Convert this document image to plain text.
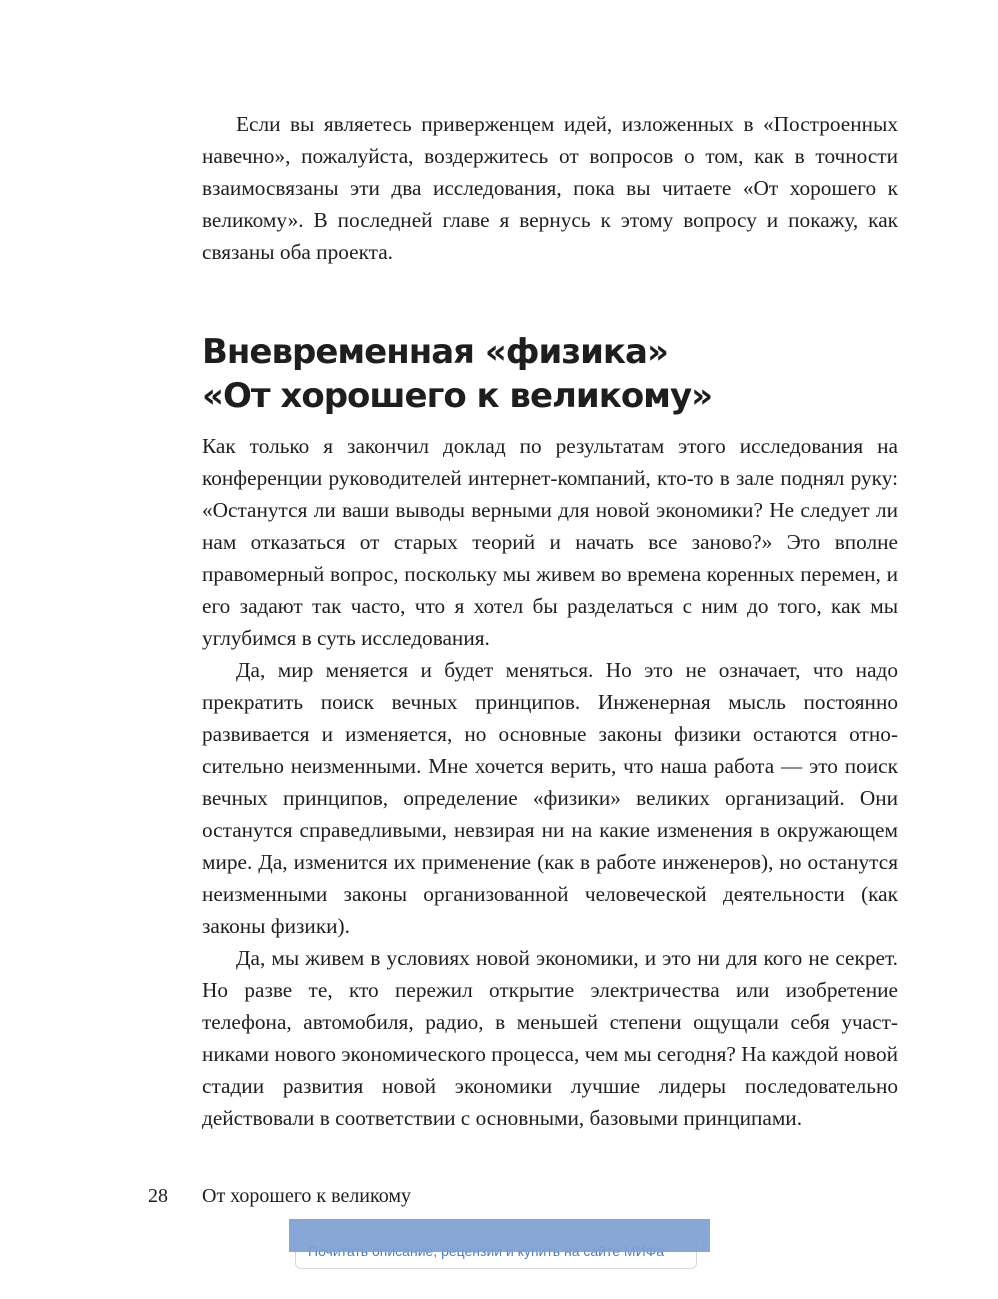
Если вы являетесь приверженцем идей, изложенных в «Построенных навечно», пожалуйста, воздержитесь от вопросов о том, как в точности взаимосвязаны эти два исследования, пока вы читаете «От хорошего к великому». В последней главе я вернусь к этому вопросу и покажу, как связаны оба проекта.

Вневременная «физика»
«От хорошего к великому»

Как только я закончил доклад по результатам этого исследования на конференции руководителей интернет-компаний, кто-то в зале поднял руку: «Останутся ли ваши выводы верными для новой экономики? Не следует ли нам отказаться от старых теорий и начать все заново?» Это вполне правомерный вопрос, поскольку мы живем во времена коренных перемен, и его задают так часто, что я хотел бы разделаться с ним до того, как мы углубимся в суть исследования.

Да, мир меняется и будет меняться. Но это не означает, что надо прекратить поиск вечных принципов. Инженерная мысль постоянно развивается и изменяется, но основные законы физики остаются относительно неизменными. Мне хочется верить, что наша работа — это поиск вечных принципов, определение «физики» великих организаций. Они останутся справедливыми, невзирая ни на какие изменения в окружающем мире. Да, изменится их применение (как в работе инженеров), но останутся неизменными законы организованной человеческой деятельности (как законы физики).

Да, мы живем в условиях новой экономики, и это ни для кого не секрет. Но разве те, кто пережил открытие электричества или изобретение телефона, автомобиля, радио, в меньшей степени ощущали себя участниками нового экономического процесса, чем мы сегодня? На каждой новой стадии развития новой экономики лучшие лидеры последовательно действовали в соответствии с основными, базовыми принципами.

28 От хорошего к великому
